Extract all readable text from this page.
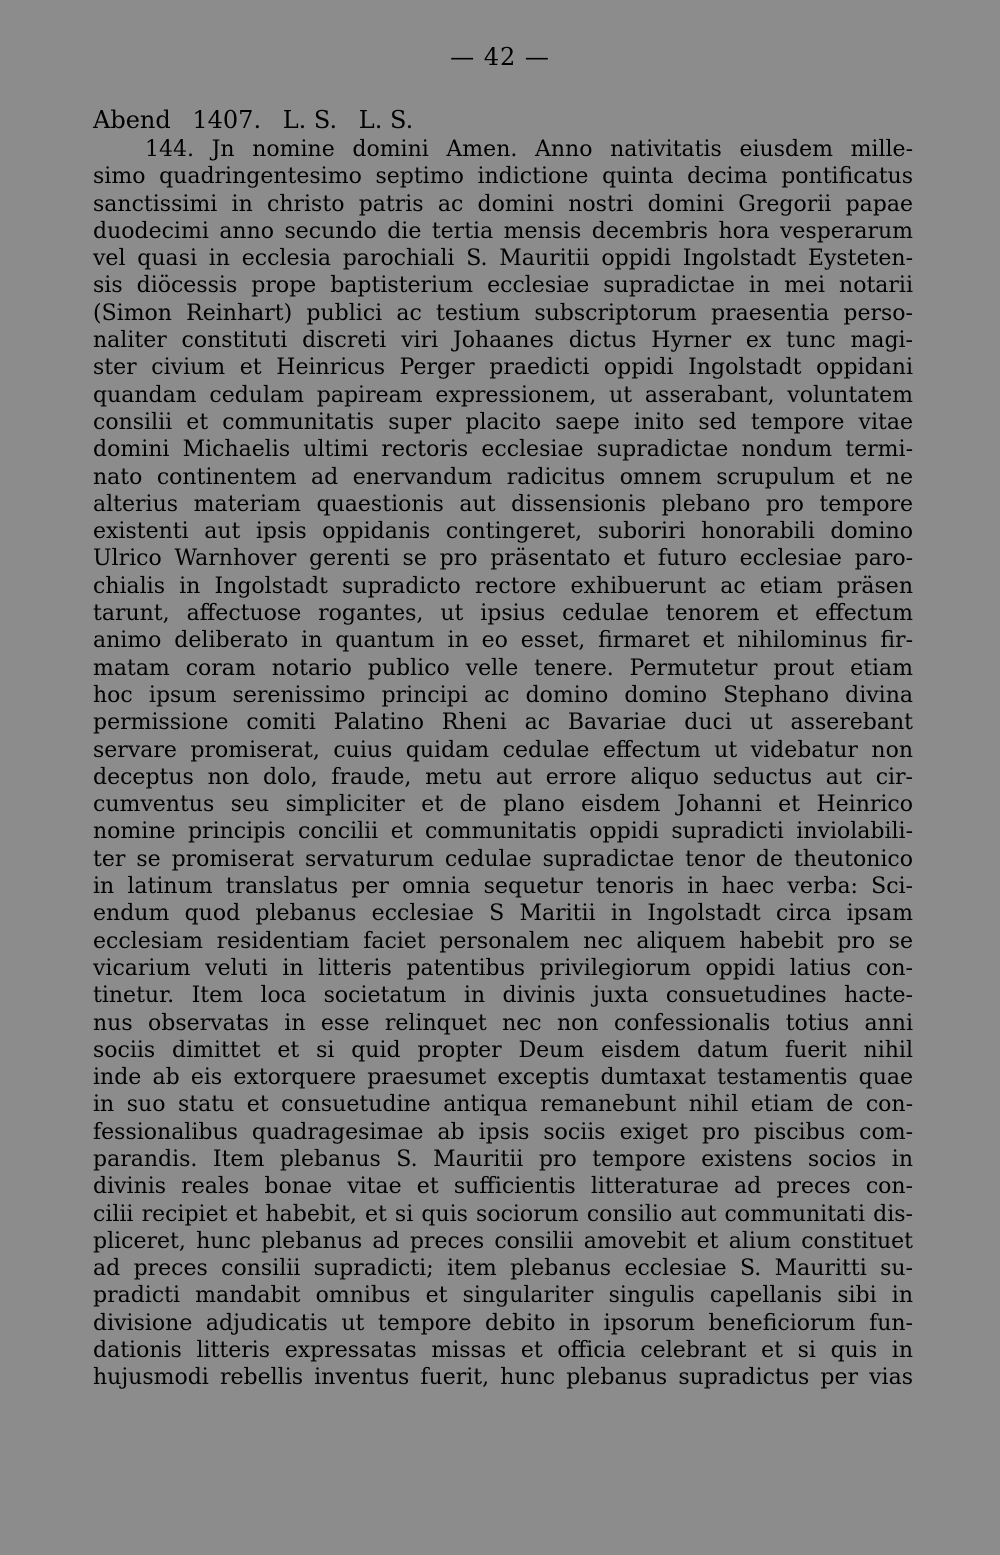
— 42 —
Abend 1407. L. S. L. S.
144. Jn nomine domini Amen. Anno nativitatis eiusdem mille-
simo quadringentesimo septimo indictione quinta decima pontificatus
sanctissimi in christo patris ac domini nostri domini Gregorii papae
duodecimi anno secundo die tertia mensis decembris hora vesperarum
vel quasi in ecclesia parochiali S. Mauritii oppidi Ingolstadt Eysteten-
sis diöcessis prope baptisterium ecclesiae supradictae in mei notarii
(Simon Reinhart) publici ac testium subscriptorum praesentia perso-
naliter constituti discreti viri Johaanes dictus Hyrner ex tunc magi-
ster civium et Heinricus Perger praedicti oppidi Ingolstadt oppidani
quandam cedulam papiream expressionem, ut asserabant, voluntatem
consilii et communitatis super placito saepe inito sed tempore vitae
domini Michaelis ultimi rectoris ecclesiae supradictae nondum termi-
nato continentem ad enervandum radicitus omnem scrupulum et ne
alterius materiam quaestionis aut dissensionis plebano pro tempore
existenti aut ipsis oppidanis contingeret, suboriri honorabili domino
Ulrico Warnhover gerenti se pro präsentato et futuro ecclesiae paro-
chialis in Ingolstadt supradicto rectore exhibuerunt ac etiam präsen
tarunt, affectuose rogantes, ut ipsius cedulae tenorem et effectum
animo deliberato in quantum in eo esset, firmaret et nihilominus fir-
matam coram notario publico velle tenere. Permutetur prout etiam
hoc ipsum serenissimo principi ac domino domino Stephano divina
permissione comiti Palatino Rheni ac Bavariae duci ut asserebant
servare promiserat, cuius quidam cedulae effectum ut videbatur non
deceptus non dolo, fraude, metu aut errore aliquo seductus aut cir-
cumventus seu simpliciter et de plano eisdem Johanni et Heinrico
nomine principis concilii et communitatis oppidi supradicti inviolabili-
ter se promiserat servaturum cedulae supradictae tenor de theutonico
in latinum translatus per omnia sequetur tenoris in haec verba: Sci-
endum quod plebanus ecclesiae S Maritii in Ingolstadt circa ipsam
ecclesiam residentiam faciet personalem nec aliquem habebit pro se
vicarium veluti in litteris patentibus privilegiorum oppidi latius con-
tinetur. Item loca societatum in divinis juxta consuetudines hacte-
nus observatas in esse relinquet nec non confessionalis totius anni
sociis dimittet et si quid propter Deum eisdem datum fuerit nihil
inde ab eis extorquere praesumet exceptis dumtaxat testamentis quae
in suo statu et consuetudine antiqua remanebunt nihil etiam de con-
fessionalibus quadragesimae ab ipsis sociis exiget pro piscibus com-
parandis. Item plebanus S. Mauritii pro tempore existens socios in
divinis reales bonae vitae et sufficientis litteraturae ad preces con-
cilii recipiet et habebit, et si quis sociorum consilio aut communitati dis-
pliceret, hunc plebanus ad preces consilii amovebit et alium constituet
ad preces consilii supradicti; item plebanus ecclesiae S. Mauritti su-
pradicti mandabit omnibus et singulariter singulis capellanis sibi in
divisione adjudicatis ut tempore debito in ipsorum beneficiorum fun-
dationis litteris expressatas missas et officia celebrant et si quis in
hujusmodi rebellis inventus fuerit, hunc plebanus supradictus per vias
